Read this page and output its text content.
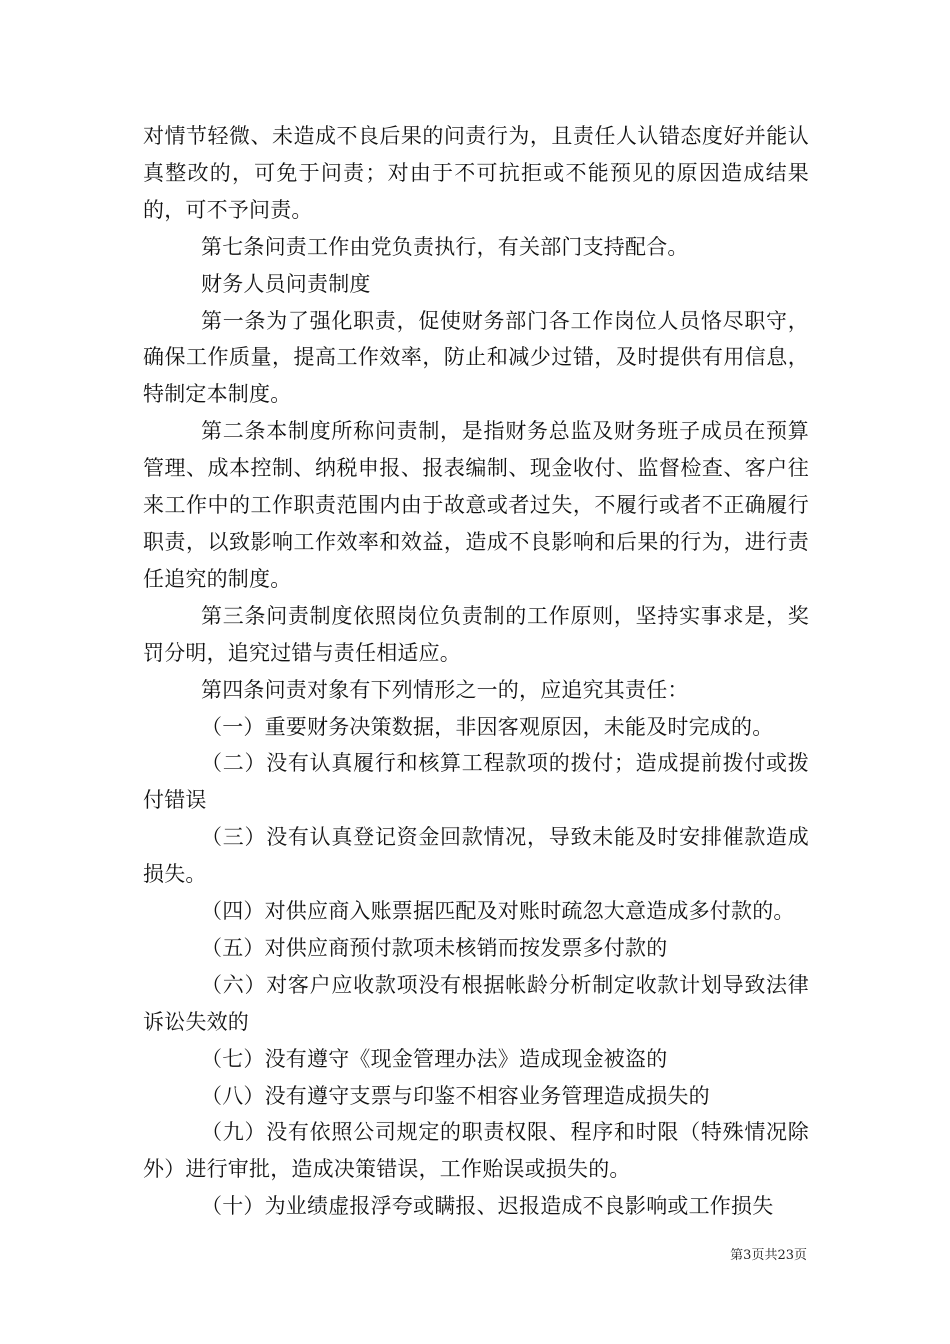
对情节轻微、未造成不良后果的问责行为，且责任人认错态度好并能认真整改的，可免于问责；对由于不可抗拒或不能预见的原因造成结果的，可不予问责。

第七条问责工作由党负责执行，有关部门支持配合。

财务人员问责制度

第一条为了强化职责，促使财务部门各工作岗位人员恪尽职守，确保工作质量，提高工作效率，防止和减少过错，及时提供有用信息，特制定本制度。

第二条本制度所称问责制，是指财务总监及财务班子成员在预算管理、成本控制、纳税申报、报表编制、现金收付、监督检查、客户往来工作中的工作职责范围内由于故意或者过失，不履行或者不正确履行职责，以致影响工作效率和效益，造成不良影响和后果的行为，进行责任追究的制度。

第三条问责制度依照岗位负责制的工作原则，坚持实事求是，奖罚分明，追究过错与责任相适应。

第四条问责对象有下列情形之一的，应追究其责任：

（一）重要财务决策数据，非因客观原因，未能及时完成的。

（二）没有认真履行和核算工程款项的拨付；造成提前拨付或拨付错误

（三）没有认真登记资金回款情况，导致未能及时安排催款造成损失。

（四）对供应商入账票据匹配及对账时疏忽大意造成多付款的。

（五）对供应商预付款项未核销而按发票多付款的

（六）对客户应收款项没有根据帐龄分析制定收款计划导致法律诉讼失效的

（七）没有遵守《现金管理办法》造成现金被盗的

（八）没有遵守支票与印鉴不相容业务管理造成损失的

（九）没有依照公司规定的职责权限、程序和时限（特殊情况除外）进行审批，造成决策错误，工作贻误或损失的。

（十）为业绩虚报浮夸或瞒报、迟报造成不良影响或工作损失

第3页共23页
